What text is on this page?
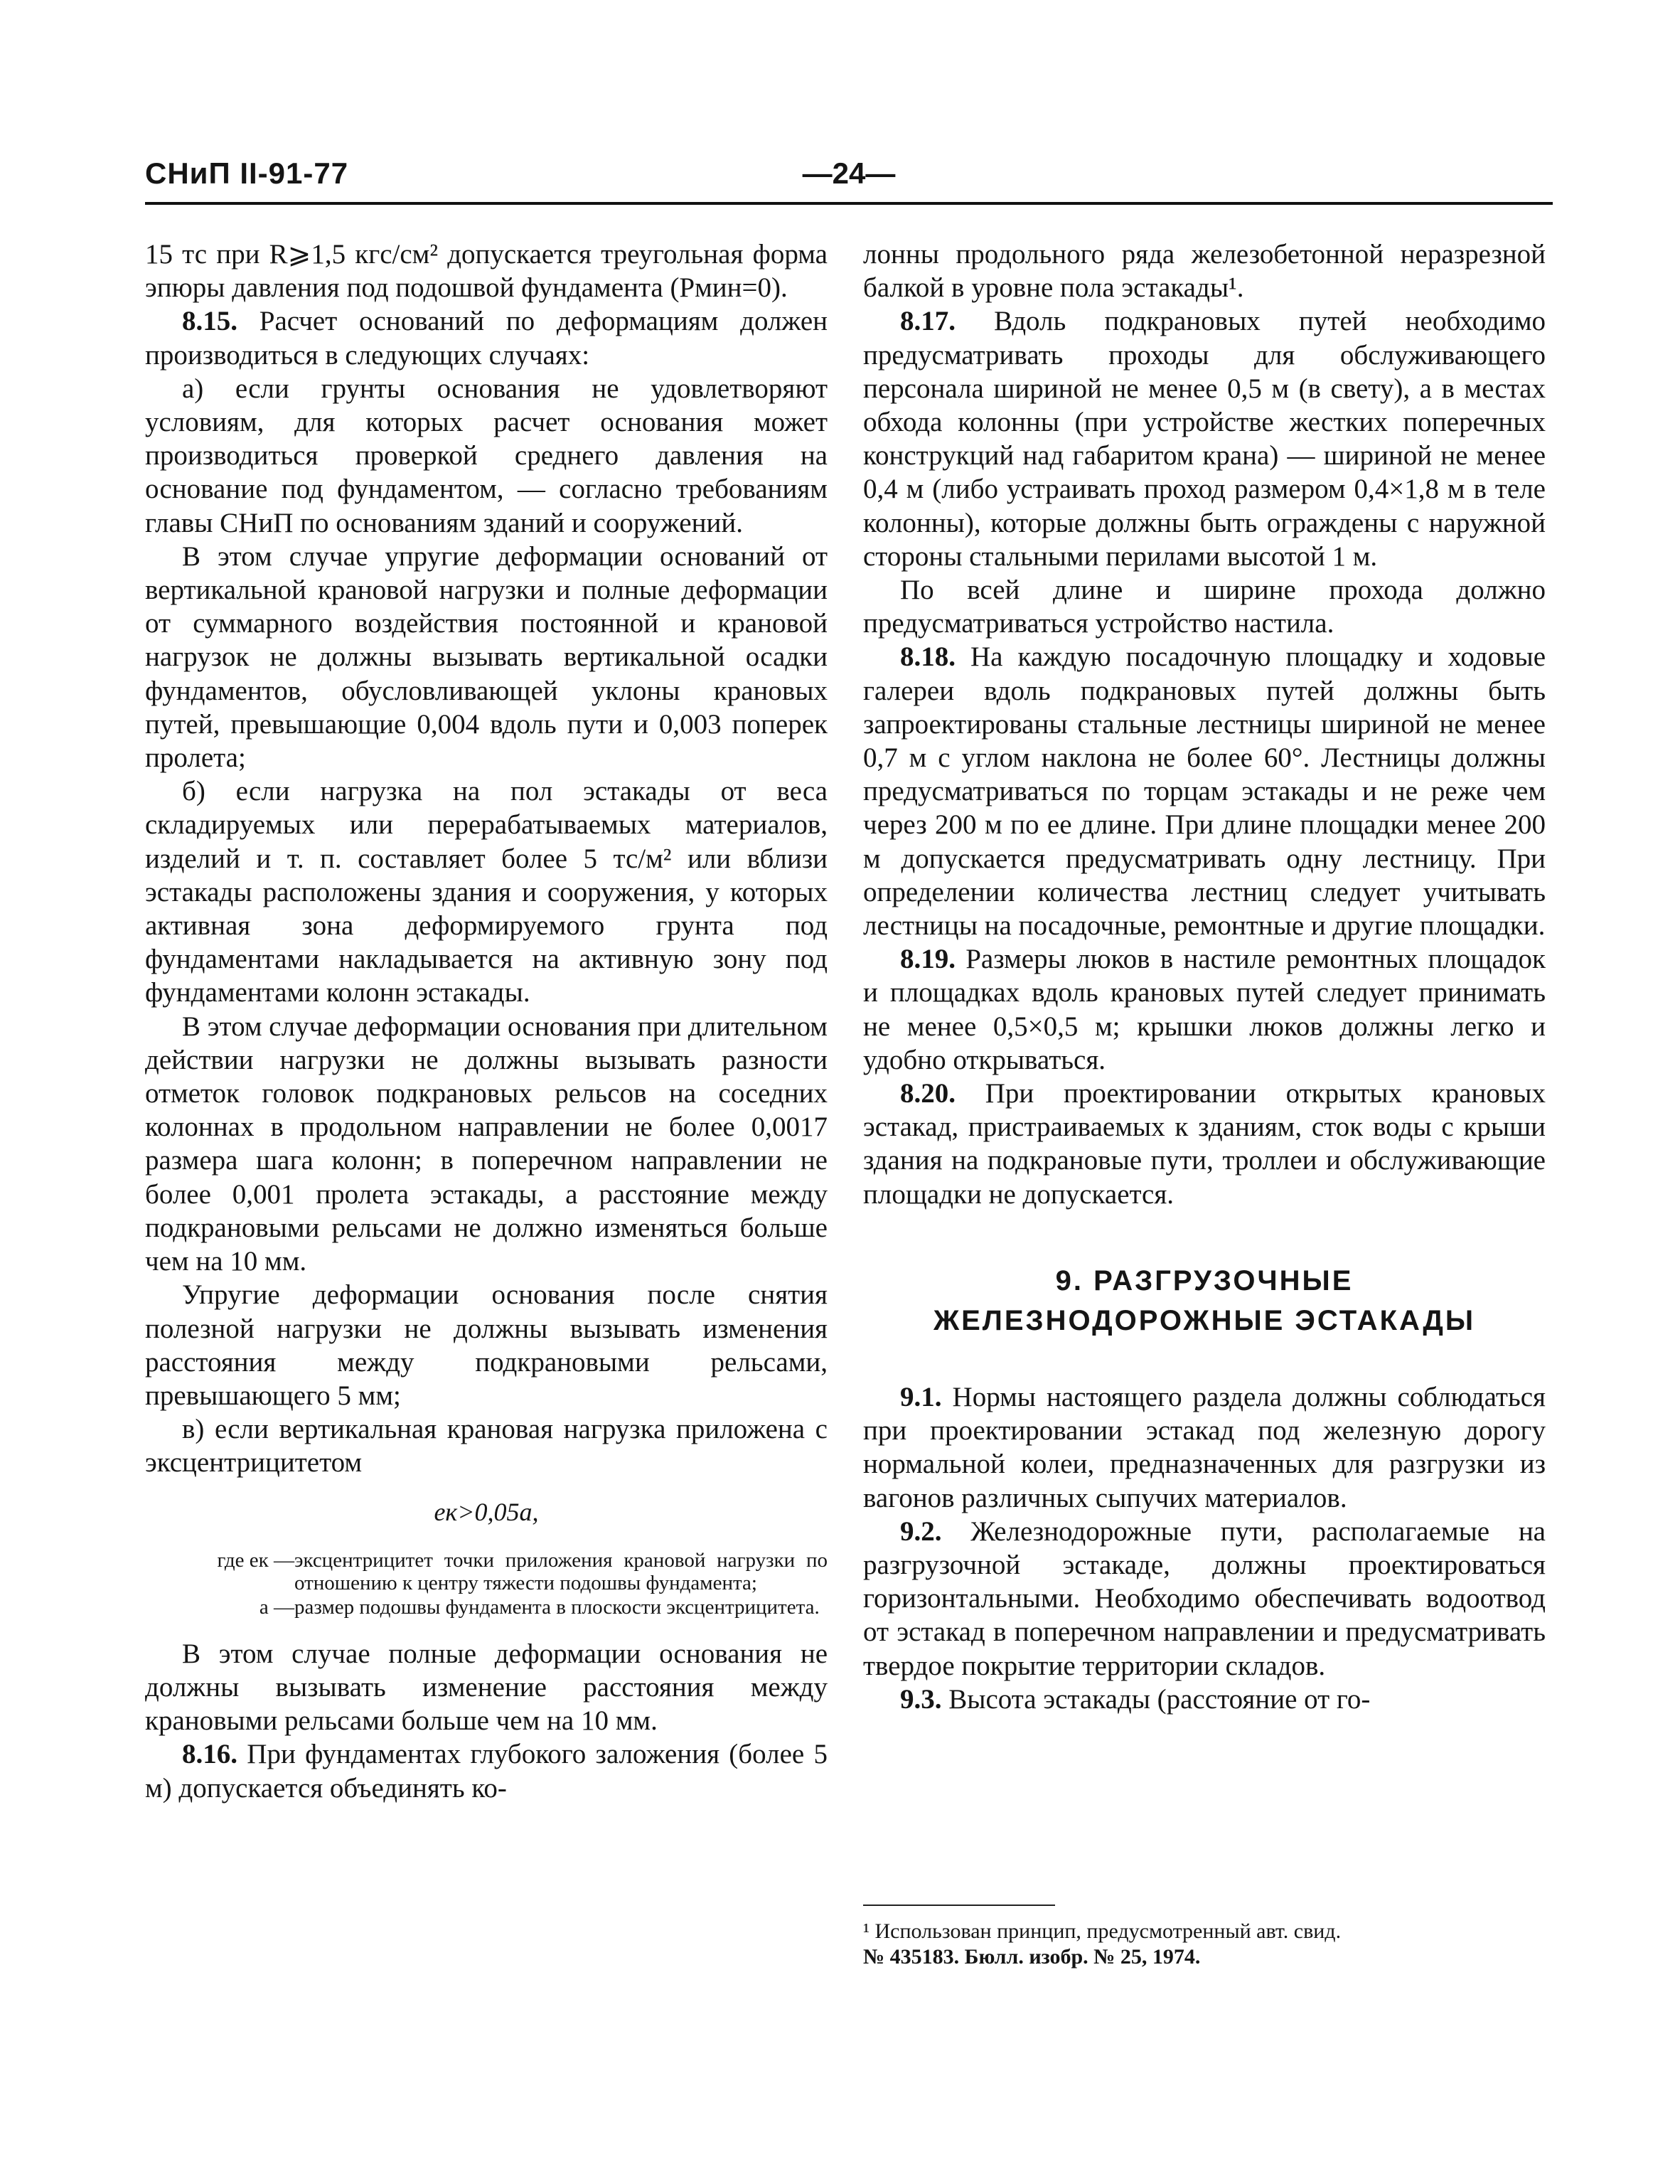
СНиП II-91-77	—24—

15 тс при R⩾1,5 кгс/см² допускается треугольная форма эпюры давления под подошвой фундамента (Pмин=0).

8.15. Расчет оснований по деформациям должен производиться в следующих случаях:

а) если грунты основания не удовлетворяют условиям, для которых расчет основания может производиться проверкой среднего давления на основание под фундаментом, — согласно требованиям главы СНиП по основаниям зданий и сооружений.

В этом случае упругие деформации оснований от вертикальной крановой нагрузки и полные деформации от суммарного воздействия постоянной и крановой нагрузок не должны вызывать вертикальной осадки фундаментов, обусловливающей уклоны крановых путей, превышающие 0,004 вдоль пути и 0,003 поперек пролета;

б) если нагрузка на пол эстакады от веса складируемых или перерабатываемых материалов, изделий и т. п. составляет более 5 тс/м² или вблизи эстакады расположены здания и сооружения, у которых активная зона деформируемого грунта под фундаментами накладывается на активную зону под фундаментами колонн эстакады.

В этом случае деформации основания при длительном действии нагрузки не должны вызывать разности отметок головок подкрановых рельсов на соседних колоннах в продольном направлении не более 0,0017 размера шага колонн; в поперечном направлении не более 0,001 пролета эстакады, а расстояние между подкрановыми рельсами не должно изменяться больше чем на 10 мм.

Упругие деформации основания после снятия полезной нагрузки не должны вызывать изменения расстояния между подкрановыми рельсами, превышающего 5 мм;

в) если вертикальная крановая нагрузка приложена с эксцентрицитетом

eк>0,05a,
где eк — эксцентрицитет точки приложения крановой нагрузки по отношению к центру тяжести подошвы фундамента;
a — размер подошвы фундамента в плоскости эксцентрицитета.

В этом случае полные деформации основания не должны вызывать изменение расстояния между крановыми рельсами больше чем на 10 мм.

8.16. При фундаментах глубокого заложения (более 5 м) допускается объединять ко-

лонны продольного ряда железобетонной неразрезной балкой в уровне пола эстакады¹.

8.17. Вдоль подкрановых путей необходимо предусматривать проходы для обслуживающего персонала шириной не менее 0,5 м (в свету), а в местах обхода колонны (при устройстве жестких поперечных конструкций над габаритом крана) — шириной не менее 0,4 м (либо устраивать проход размером 0,4×1,8 м в теле колонны), которые должны быть ограждены с наружной стороны стальными перилами высотой 1 м.

По всей длине и ширине прохода должно предусматриваться устройство настила.

8.18. На каждую посадочную площадку и ходовые галереи вдоль подкрановых путей должны быть запроектированы стальные лестницы шириной не менее 0,7 м с углом наклона не более 60°. Лестницы должны предусматриваться по торцам эстакады и не реже чем через 200 м по ее длине. При длине площадки менее 200 м допускается предусматривать одну лестницу. При определении количества лестниц следует учитывать лестницы на посадочные, ремонтные и другие площадки.

8.19. Размеры люков в настиле ремонтных площадок и площадках вдоль крановых путей следует принимать не менее 0,5×0,5 м; крышки люков должны легко и удобно открываться.

8.20. При проектировании открытых крановых эстакад, пристраиваемых к зданиям, сток воды с крыши здания на подкрановые пути, троллеи и обслуживающие площадки не допускается.

9. РАЗГРУЗОЧНЫЕ
ЖЕЛЕЗНОДОРОЖНЫЕ ЭСТАКАДЫ

9.1. Нормы настоящего раздела должны соблюдаться при проектировании эстакад под железную дорогу нормальной колеи, предназначенных для разгрузки из вагонов различных сыпучих материалов.

9.2. Железнодорожные пути, располагаемые на разгрузочной эстакаде, должны проектироваться горизонтальными. Необходимо обеспечивать водоотвод от эстакад в поперечном направлении и предусматривать твердое покрытие территории складов.

9.3. Высота эстакады (расстояние от го-

¹ Использован принцип, предусмотренный авт. свид.
№ 435183. Бюлл. изобр. № 25, 1974.
